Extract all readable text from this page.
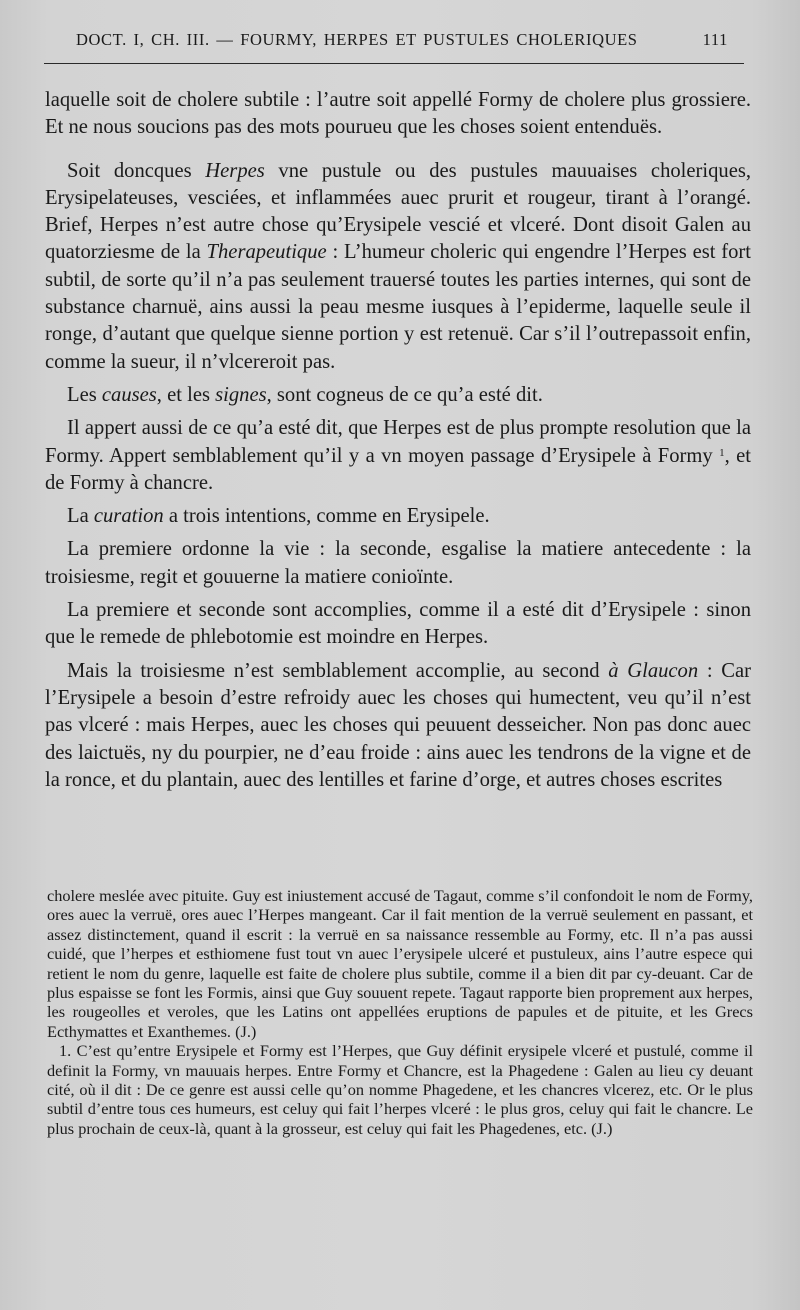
DOCT. I, CH. III. — FOURMY, HERPES ET PUSTULES CHOLERIQUES	111

laquelle soit de cholere subtile : l’autre soit appellé Formy de cholere plus grossiere. Et ne nous soucions pas des mots pourueu que les choses soient entenduës.

Soit doncques Herpes vne pustule ou des pustules mauuaises choleriques, Erysipelateuses, vesciées, et inflammées auec prurit et rougeur, tirant à l’orangé. Brief, Herpes n’est autre chose qu’Erysipele vescié et vlceré. Dont disoit Galen au quatorziesme de la Therapeutique : L’humeur choleric qui engendre l’Herpes est fort subtil, de sorte qu’il n’a pas seulement trauersé toutes les parties internes, qui sont de substance charnuë, ains aussi la peau mesme iusques à l’epiderme, laquelle seule il ronge, d’autant que quelque sienne portion y est retenuë. Car s’il l’outrepassoit enfin, comme la sueur, il n’vlcereroit pas.

Les causes, et les signes, sont cogneus de ce qu’a esté dit.

Il appert aussi de ce qu’a esté dit, que Herpes est de plus prompte resolution que la Formy. Appert semblablement qu’il y a vn moyen passage d’Erysipele à Formy $^1$, et de Formy à chancre.

La curation a trois intentions, comme en Erysipele.

La premiere ordonne la vie : la seconde, esgalise la matiere antecedente : la troisiesme, regit et gouuerne la matiere conioïnte.

La premiere et seconde sont accomplies, comme il a esté dit d’Erysipele : sinon que le remede de phlebotomie est moindre en Herpes.

Mais la troisiesme n’est semblablement accomplie, au second à Glaucon : Car l’Erysipele a besoin d’estre refroidy auec les choses qui humectent, veu qu’il n’est pas vlceré : mais Herpes, auec les choses qui peuuent desseicher. Non pas donc auec des laictuës, ny du pourpier, ne d’eau froide : ains auec les tendrons de la vigne et de la ronce, et du plantain, auec des lentilles et farine d’orge, et autres choses escrites

cholere meslée avec pituite. Guy est iniustement accusé de Tagaut, comme s’il confondoit le nom de Formy, ores auec la verruë, ores auec l’Herpes mangeant. Car il fait mention de la verruë seulement en passant, et assez distinctement, quand il escrit : la verruë en sa naissance ressemble au Formy, etc. Il n’a pas aussi cuidé, que l’herpes et esthiomene fust tout vn auec l’erysipele ulceré et pustuleux, ains l’autre espece qui retient le nom du genre, laquelle est faite de cholere plus subtile, comme il a bien dit par cy-deuant. Car de plus espaisse se font les Formis, ainsi que Guy souuent repete. Tagaut rapporte bien proprement aux herpes, les rougeolles et veroles, que les Latins ont appellées eruptions de papules et de pituite, et les Grecs Ecthymattes et Exanthemes. (J.)

1. C’est qu’entre Erysipele et Formy est l’Herpes, que Guy définit erysipele vlceré et pustulé, comme il definit la Formy, vn mauuais herpes. Entre Formy et Chancre, est la Phagedene : Galen au lieu cy deuant cité, où il dit : De ce genre est aussi celle qu’on nomme Phagedene, et les chancres vlcerez, etc. Or le plus subtil d’entre tous ces humeurs, est celuy qui fait l’herpes vlceré : le plus gros, celuy qui fait le chancre. Le plus prochain de ceux-là, quant à la grosseur, est celuy qui fait les Phagedenes, etc. (J.)
